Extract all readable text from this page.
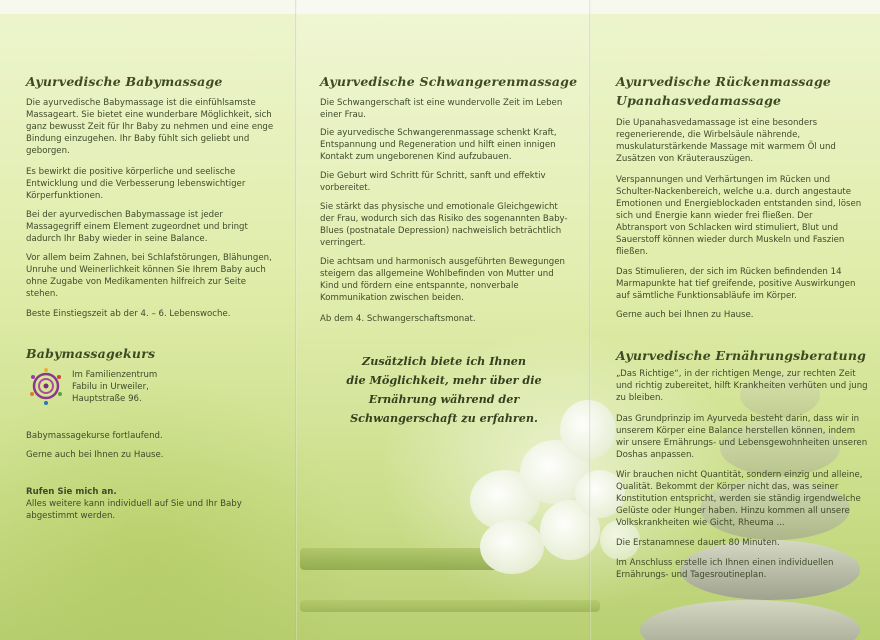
Ayurvedische Babymassage

Die ayurvedische Babymassage ist die einfühlsamste Massageart. Sie bietet eine wunderbare Möglichkeit, sich ganz bewusst Zeit für Ihr Baby zu nehmen und eine enge Bindung einzugehen. Ihr Baby fühlt sich geliebt und geborgen.

Es bewirkt die positive körperliche und seelische Entwicklung und die Verbesserung lebenswichtiger Körperfunktionen.

Bei der ayurvedischen Babymassage ist jeder Massagegriff einem Element zugeordnet und bringt dadurch Ihr Baby wieder in seine Balance.

Vor allem beim Zahnen, bei Schlafstörungen, Blähungen, Unruhe und Weinerlichkeit können Sie Ihrem Baby auch ohne Zugabe von Medikamenten hilfreich zur Seite stehen.

Beste Einstiegszeit ab der 4. – 6. Lebenswoche.

Babymassagekurs

Im Familienzentrum

Fabilu in Urweiler,

Hauptstraße 96.

Babymassagekurse fortlaufend.

Gerne auch bei Ihnen zu Hause.

Rufen Sie mich an.

Alles weitere kann individuell auf Sie und Ihr Baby abgestimmt werden.

Ayurvedische Schwangerenmassage

Die Schwangerschaft ist eine wundervolle Zeit im Leben einer Frau.

Die ayurvedische Schwangerenmassage schenkt Kraft, Entspannung und Regeneration und hilft einen innigen Kontakt zum ungeborenen Kind aufzubauen.

Die Geburt wird Schritt für Schritt, sanft und effektiv vorbereitet.

Sie stärkt das physische und emotionale Gleichgewicht der Frau, wodurch sich das Risiko des sogenannten Baby-Blues (postnatale Depression) nachweislich beträchtlich verringert.

Die achtsam und harmonisch ausgeführten Bewegungen steigern das allgemeine Wohlbefinden von Mutter und Kind und fördern eine entspannte, nonverbale Kommunikation zwischen beiden.

Ab dem 4. Schwangerschaftsmonat.

Zusätzlich biete ich Ihnen
die Möglichkeit, mehr über die
Ernährung während der
Schwangerschaft zu erfahren.
Ayurvedische Rückenmassage
Upanahasvedamassage

Die Upanahasvedamassage ist eine besonders regenerierende, die Wirbelsäule nährende, muskulaturstärkende Massage mit warmem Öl und Zusätzen von Kräuterauszügen.

Verspannungen und Verhärtungen im Rücken und Schulter-Nackenbereich, welche u.a. durch angestaute Emotionen und Energieblockaden entstanden sind, lösen sich und Energie kann wieder frei fließen. Der Abtransport von Schlacken wird stimuliert, Blut und Sauerstoff können wieder durch Muskeln und Faszien fließen.

Das Stimulieren, der sich im Rücken befindenden 14 Marmapunkte hat tief greifende, positive Auswirkungen auf sämtliche Funktionsabläufe im Körper.

Gerne auch bei Ihnen zu Hause.

Ayurvedische Ernährungsberatung

„Das Richtige“, in der richtigen Menge, zur rechten Zeit und richtig zubereitet, hilft Krankheiten verhüten und jung zu bleiben.

Das Grundprinzip im Ayurveda besteht darin, dass wir in unserem Körper eine Balance herstellen können, indem wir unsere Ernährungs- und Lebensgewohnheiten unseren Doshas anpassen.

Wir brauchen nicht Quantität, sondern einzig und alleine, Qualität. Bekommt der Körper nicht das, was seiner Konstitution entspricht, werden sie ständig irgendwelche Gelüste oder Hunger haben. Hinzu kommen all unsere Volkskrankheiten wie Gicht, Rheuma ...

Die Erstanamnese dauert 80 Minuten.

Im Anschluss erstelle ich Ihnen einen individuellen Ernährungs- und Tagesroutineplan.
